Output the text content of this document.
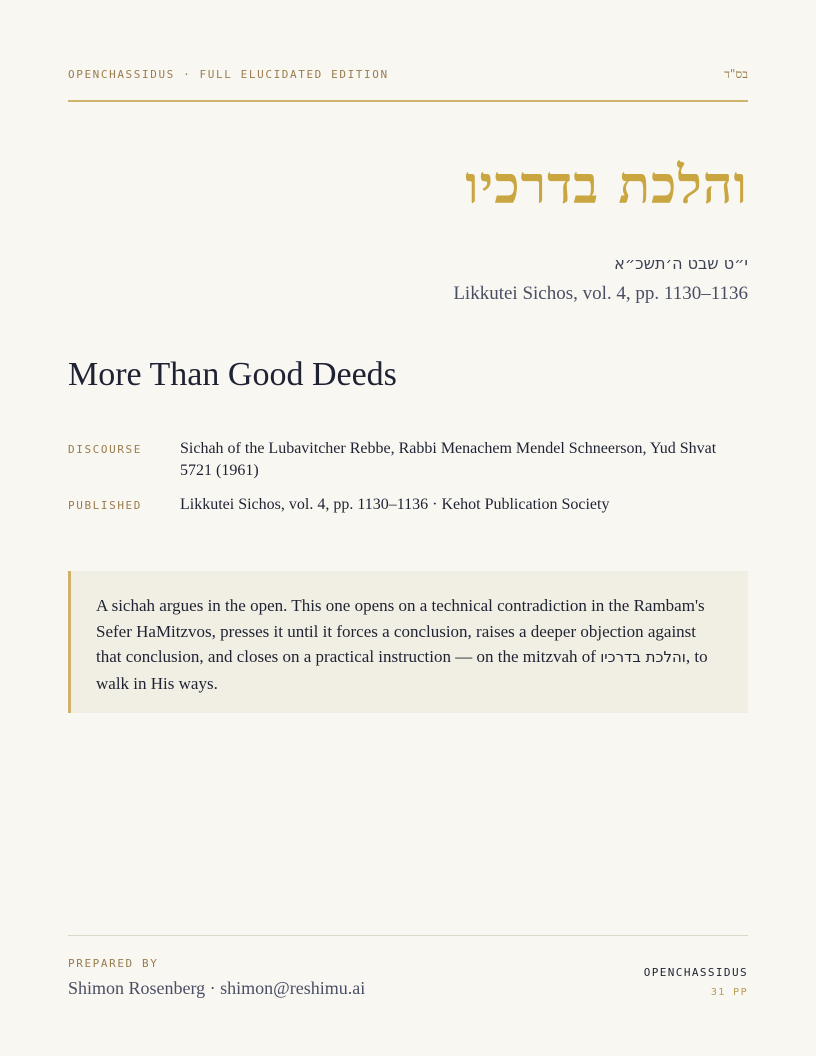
OPENCHASSIDUS · FULL ELUCIDATED EDITION	בס"ד
והלכת בדרכיו
י״ט שבט ה׳תשכ״א
Likkutei Sichos, vol. 4, pp. 1130–1136
More Than Good Deeds
DISCOURSE	Sichah of the Lubavitcher Rebbe, Rabbi Menachem Mendel Schneerson, Yud Shvat 5721 (1961)
PUBLISHED	Likkutei Sichos, vol. 4, pp. 1130–1136 · Kehot Publication Society

A sichah argues in the open. This one opens on a technical contradiction in the Rambam's Sefer HaMitzvos, presses it until it forces a conclusion, raises a deeper objection against that conclusion, and closes on a practical instruction — on the mitzvah of והלכת בדרכיו, to walk in His ways.

PREPARED BY
Shimon Rosenberg · shimon@reshimu.ai
OPENCHASSIDUS
31 PP
